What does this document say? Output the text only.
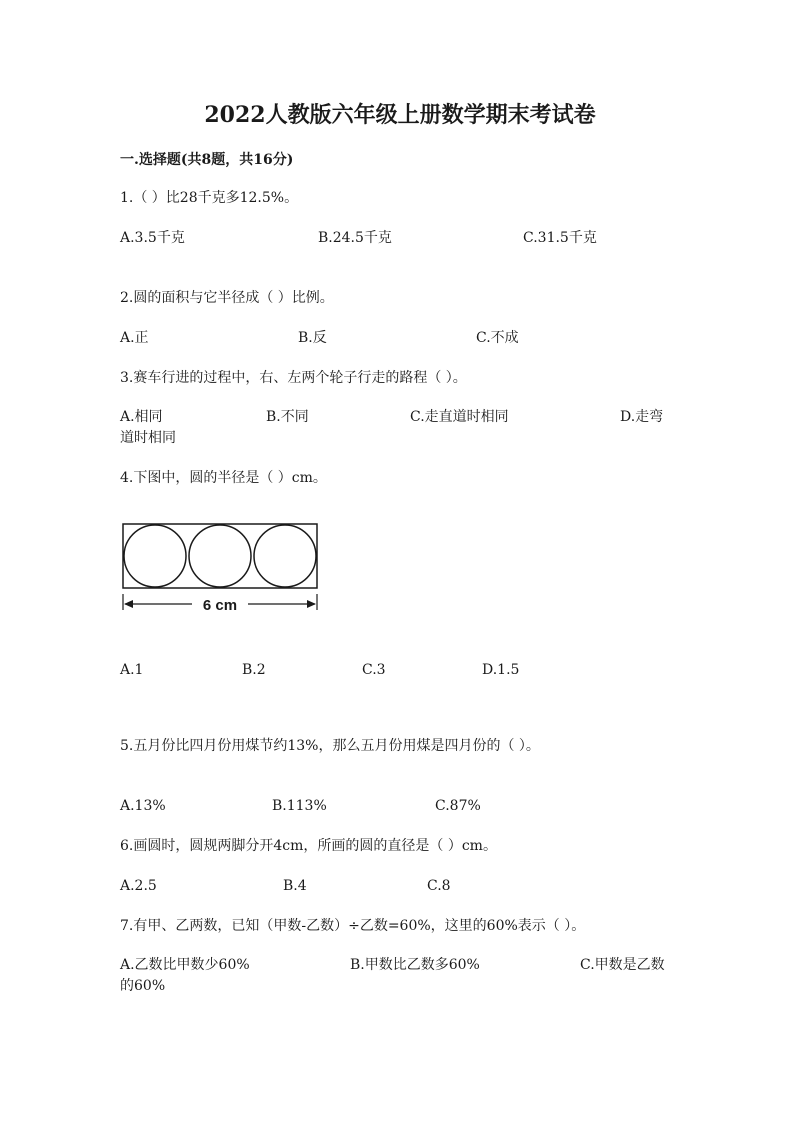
2022人教版六年级上册数学期末考试卷
一.选择题(共8题，共16分)
1.（ ）比28千克多12.5%。
A.3.5千克	B.24.5千克	C.31.5千克
2.圆的面积与它半径成（ ）比例。
A.正	B.反	C.不成
3.赛车行进的过程中，右、左两个轮子行走的路程（ ）。
A.相同	B.不同	C.走直道时相同	D.走弯
道时相同
4.下图中，圆的半径是（ ）cm。
6 cm
A.1	B.2	C.3	D.1.5
5.五月份比四月份用煤节约13%，那么五月份用煤是四月份的（ ）。
A.13%	B.113%	C.87%
6.画圆时，圆规两脚分开4cm，所画的圆的直径是（ ）cm。
A.2.5	B.4	C.8
7.有甲、乙两数，已知（甲数-乙数）÷乙数=60%，这里的60%表示（ ）。
A.乙数比甲数少60%	B.甲数比乙数多60%	C.甲数是乙数
的60%
